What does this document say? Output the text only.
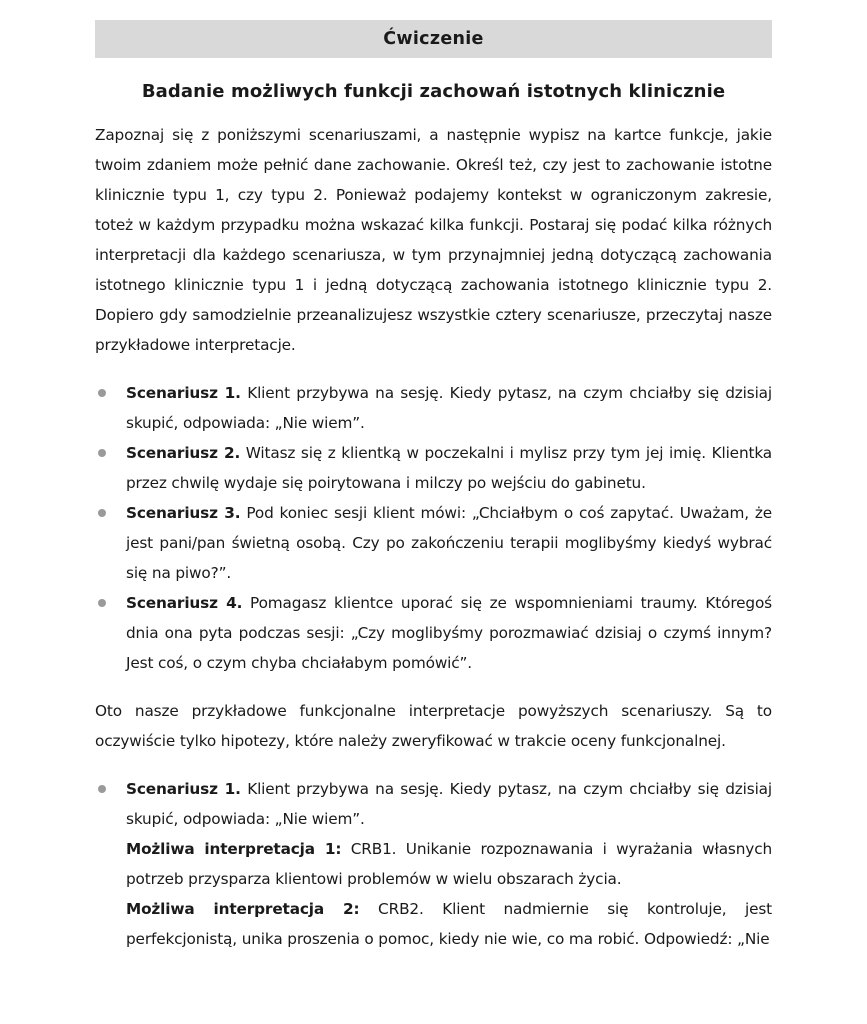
Ćwiczenie
Badanie możliwych funkcji zachowań istotnych klinicznie

Zapoznaj się z poniższymi scenariuszami, a następnie wypisz na kartce funkcje, jakie twoim zdaniem może pełnić dane zachowanie. Określ też, czy jest to zachowanie istotne klinicznie typu 1, czy typu 2. Ponieważ podajemy kontekst w ograniczonym zakresie, toteż w każdym przypadku można wskazać kilka funkcji. Postaraj się podać kilka różnych interpretacji dla każdego scenariusza, w tym przynajmniej jedną dotyczącą zachowania istotnego klinicznie typu 1 i jedną dotyczącą zachowania istotnego klinicznie typu 2. Dopiero gdy samodzielnie przeanalizujesz wszystkie cztery scenariusze, przeczytaj nasze przykładowe interpretacje.

Scenariusz 1. Klient przybywa na sesję. Kiedy pytasz, na czym chciałby się dzisiaj skupić, odpowiada: „Nie wiem”.
Scenariusz 2. Witasz się z klientką w poczekalni i mylisz przy tym jej imię. Klientka przez chwilę wydaje się poirytowana i milczy po wejściu do gabinetu.
Scenariusz 3. Pod koniec sesji klient mówi: „Chciałbym o coś zapytać. Uważam, że jest pani/pan świetną osobą. Czy po zakończeniu terapii moglibyśmy kiedyś wybrać się na piwo?”.
Scenariusz 4. Pomagasz klientce uporać się ze wspomnieniami traumy. Któregoś dnia ona pyta podczas sesji: „Czy moglibyśmy porozmawiać dzisiaj o czymś innym? Jest coś, o czym chyba chciałabym pomówić”.

Oto nasze przykładowe funkcjonalne interpretacje powyższych scenariuszy. Są to oczywiście tylko hipotezy, które należy zweryfikować w trakcie oceny funkcjonalnej.

Scenariusz 1. Klient przybywa na sesję. Kiedy pytasz, na czym chciałby się dzisiaj skupić, odpowiada: „Nie wiem”.
Możliwa interpretacja 1: CRB1. Unikanie rozpoznawania i wyrażania własnych potrzeb przysparza klientowi problemów w wielu obszarach życia.
Możliwa interpretacja 2: CRB2. Klient nadmiernie się kontroluje, jest perfekcjonistą, unika proszenia o pomoc, kiedy nie wie, co ma robić. Odpowiedź: „Nie
